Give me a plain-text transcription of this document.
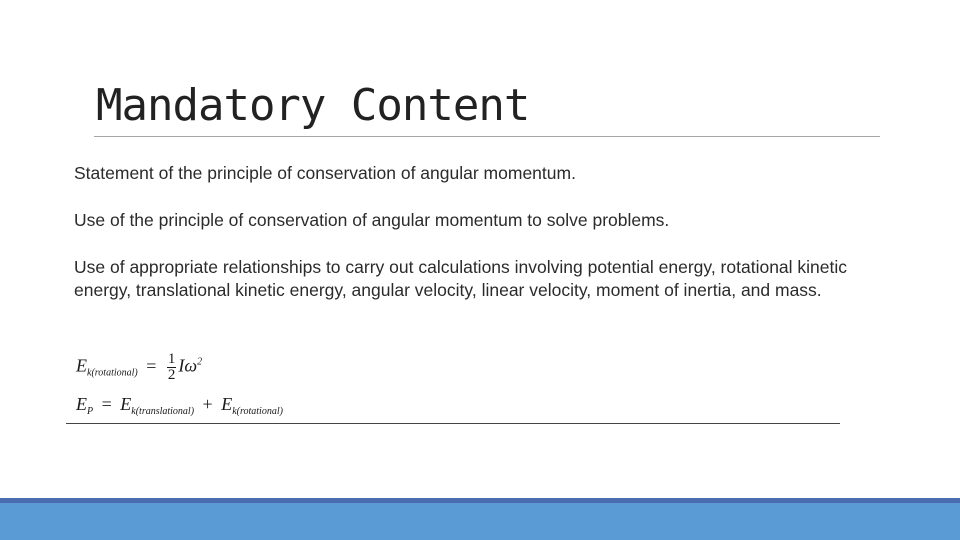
Mandatory Content

Statement of the principle of conservation of angular momentum.

Use of the principle of conservation of angular momentum to solve problems.

Use of appropriate relationships to carry out calculations involving potential energy, rotational kinetic energy, translational kinetic energy, angular velocity, linear velocity, moment of inertia, and mass.

$E_{k(rotational)} = \frac{1}{2} I\omega^2$
$E_P = E_{k(translational)} + E_{k(rotational)}$
